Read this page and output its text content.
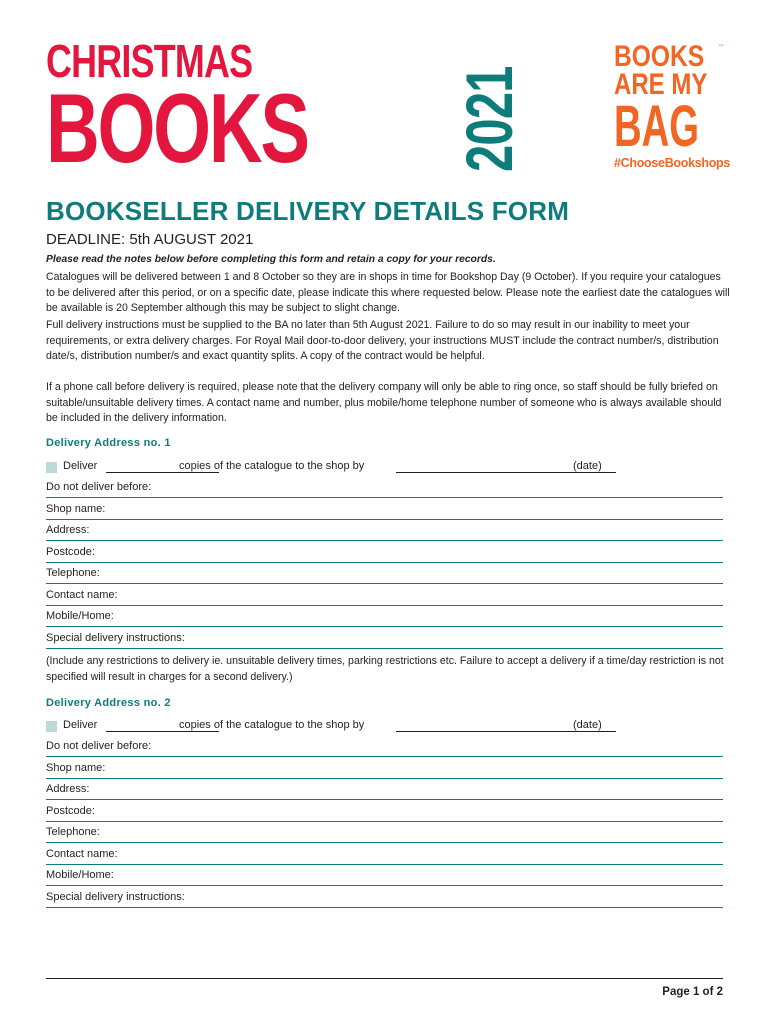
CHRISTMAS
BOOKS 2021
BOOKS ™
ARE MY
BAG
#ChooseBookshops
BOOKSELLER DELIVERY DETAILS FORM
DEADLINE: 5th AUGUST 2021
Please read the notes below before completing this form and retain a copy for your records.
Catalogues will be delivered between 1 and 8 October so they are in shops in time for Bookshop Day (9 October). If you require your catalogues to be delivered after this period, or on a specific date, please indicate this where requested below. Please note the earliest date the catalogues will be available is 20 September although this may be subject to slight change.
Full delivery instructions must be supplied to the BA no later than 5th August 2021. Failure to do so may result in our inability to meet your requirements, or extra delivery charges. For Royal Mail door-to-door delivery, your instructions MUST include the contract number/s, distribution date/s, distribution number/s and exact quantity splits. A copy of the contract would be helpful.
If a phone call before delivery is required, please note that the delivery company will only be able to ring once, so staff should be fully briefed on suitable/unsuitable delivery times. A contact name and number, plus mobile/home telephone number of someone who is always available should be included in the delivery information.
Delivery Address no. 1
Deliver	copies of the catalogue to the shop by	(date)
Do not deliver before:
Shop name:
Address:
Postcode:
Telephone:
Contact name:
Mobile/Home:
Special delivery instructions:
(Include any restrictions to delivery ie. unsuitable delivery times, parking restrictions etc. Failure to accept a delivery if a time/day restriction is not specified will result in charges for a second delivery.)
Delivery Address no. 2
Deliver	copies of the catalogue to the shop by	(date)
Do not deliver before:
Shop name:
Address:
Postcode:
Telephone:
Contact name:
Mobile/Home:
Special delivery instructions:
Page 1 of 2
